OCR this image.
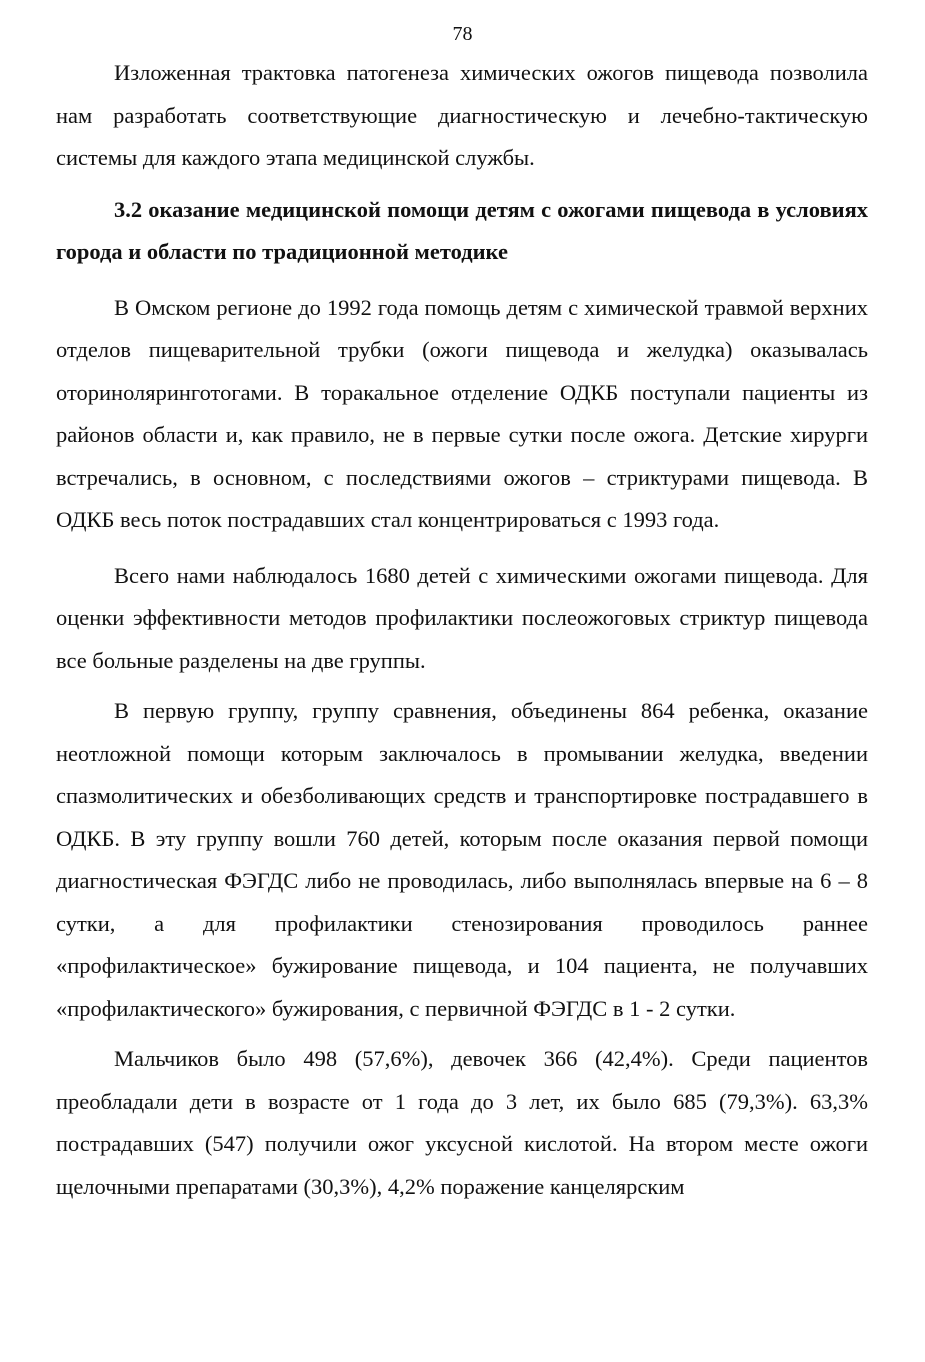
78

Изложенная трактовка патогенеза химических ожогов пищевода позволила нам разработать соответствующие диагностическую и лечебно-тактическую системы для каждого этапа медицинской службы.

3.2 оказание медицинской помощи детям с ожогами пищевода в условиях города и области по традиционной методике

В Омском регионе до 1992 года помощь детям с химической травмой верхних отделов пищеварительной трубки (ожоги пищевода и желудка) оказывалась оториноляринготогами. В торакальное отделение ОДКБ поступали пациенты из районов области и, как правило, не в первые сутки после ожога. Детские хирурги встречались, в основном, с последствиями ожогов – стриктурами пищевода. В ОДКБ весь поток пострадавших стал концентрироваться с 1993 года.

Всего нами наблюдалось 1680 детей с химическими ожогами пищевода. Для оценки эффективности методов профилактики послеожоговых стриктур пищевода все больные разделены на две группы.

В первую группу, группу сравнения, объединены 864 ребенка, оказание неотложной помощи которым заключалось в промывании желудка, введении спазмолитических и обезболивающих средств и транспортировке пострадавшего в ОДКБ. В эту группу вошли 760 детей, которым после оказания первой помощи диагностическая ФЭГДС либо не проводилась, либо выполнялась впервые на 6 – 8 сутки, а для профилактики стенозирования проводилось раннее «профилактическое» бужирование пищевода, и 104 пациента, не получавших «профилактического» бужирования, с первичной ФЭГДС в 1 - 2 сутки.

Мальчиков было 498 (57,6%), девочек 366 (42,4%). Среди пациентов преобладали дети в возрасте от 1 года до 3 лет, их было 685 (79,3%). 63,3% пострадавших (547) получили ожог уксусной кислотой. На втором месте ожоги щелочными препаратами (30,3%), 4,2% поражение канцелярским
